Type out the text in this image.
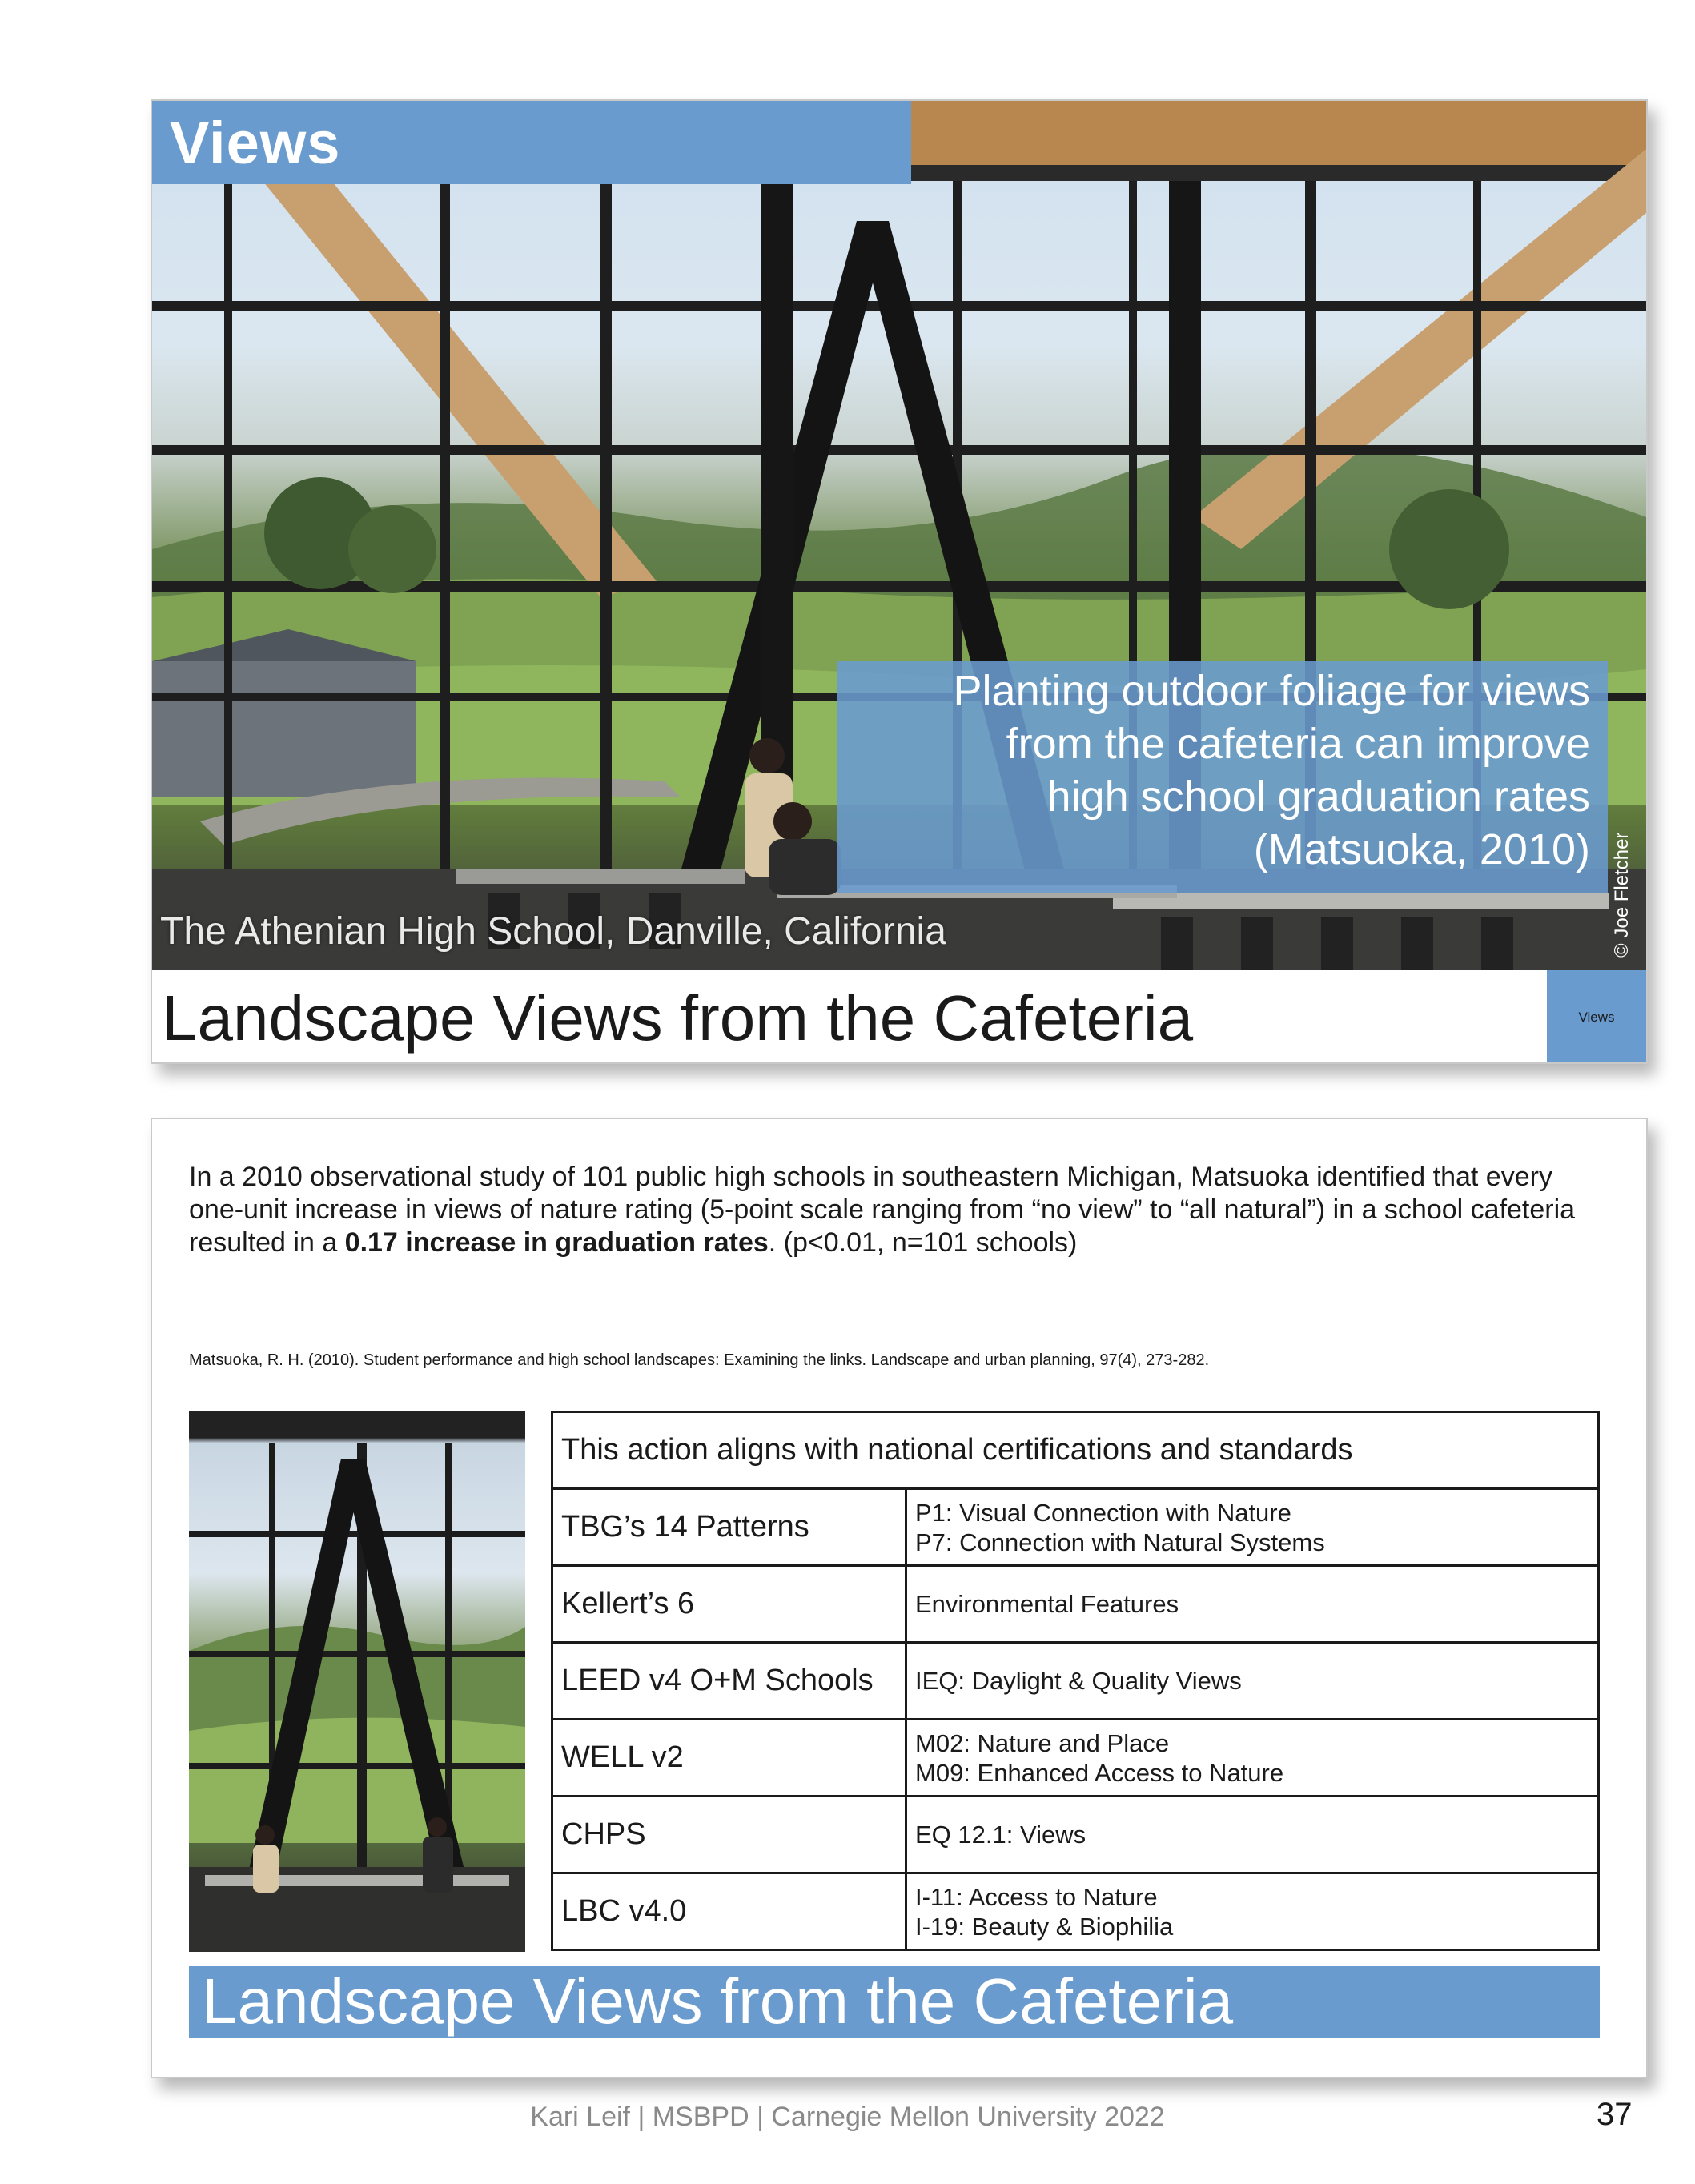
Views
Planting outdoor foliage for views
from the cafeteria can improve
high school graduation rates
(Matsuoka, 2010)
The Athenian High School, Danville, California	© Joe Fletcher
Landscape Views from the Cafeteria	Views

In a 2010 observational study of 101 public high schools in southeastern Michigan, Matsuoka identified that every one-unit increase in views of nature rating (5-point scale ranging from “no view” to “all natural”) in a school cafeteria resulted in a 0.17 increase in graduation rates. (p<0.01, n=101 schools)

Matsuoka, R. H. (2010). Student performance and high school landscapes: Examining the links. Landscape and urban planning, 97(4), 273-282.
This action aligns with national certifications and standards	
TBG’s 14 Patterns	P1: Visual Connection with Nature
P7: Connection with Natural Systems

Kellert’s 6	Environmental Features

LEED v4 O+M Schools	IEQ: Daylight & Quality Views

WELL v2	M02: Nature and Place
M09: Enhanced Access to Nature

CHPS	EQ 12.1: Views

LBC v4.0	I-11: Access to Nature
I-19: Beauty & Biophilia
Landscape Views from the Cafeteria
Kari Leif | MSBPD | Carnegie Mellon University 2022	37
